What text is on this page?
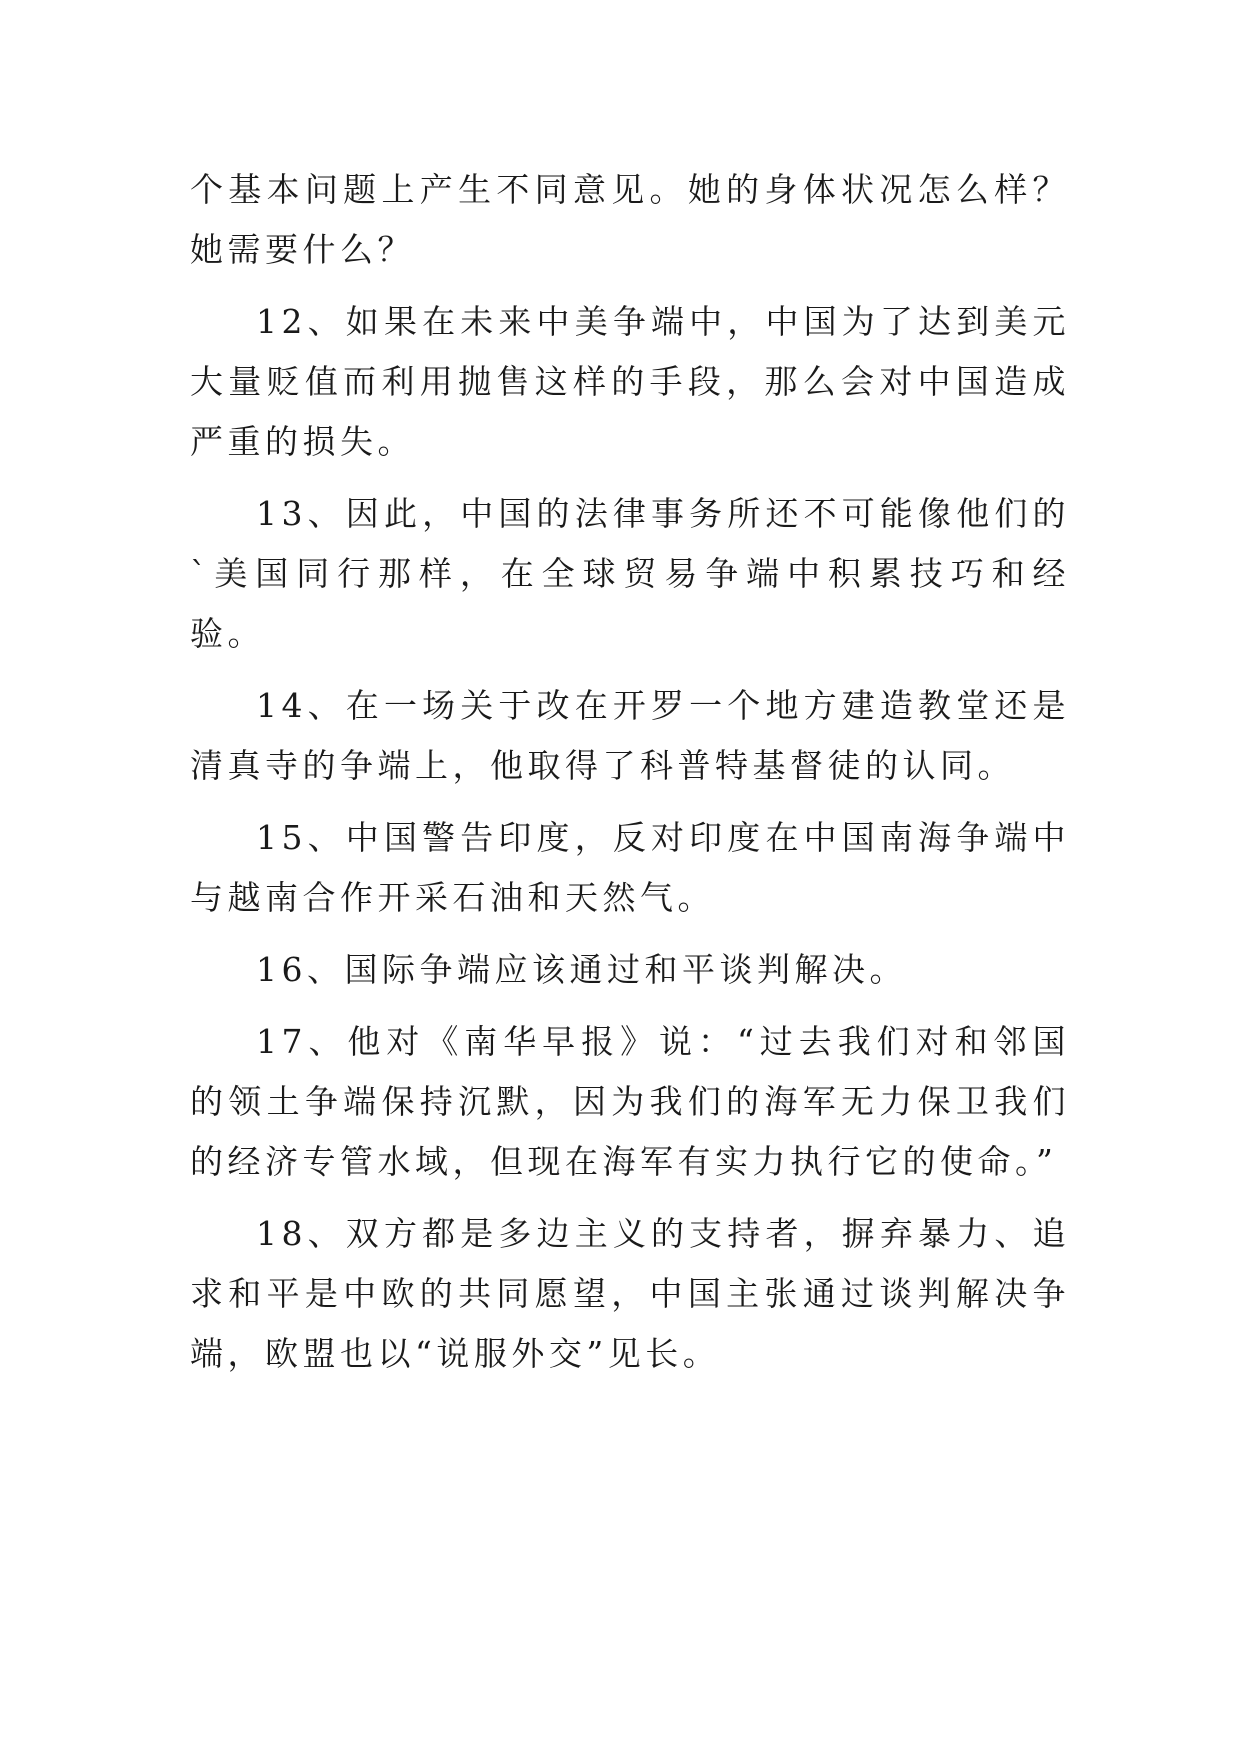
个基本问题上产生不同意见。她的身体状况怎么样？她需要什么？

12、如果在未来中美争端中，中国为了达到美元大量贬值而利用抛售这样的手段，那么会对中国造成严重的损失。

13、因此，中国的法律事务所还不可能像他们的`美国同行那样，在全球贸易争端中积累技巧和经验。

14、在一场关于改在开罗一个地方建造教堂还是清真寺的争端上，他取得了科普特基督徒的认同。

15、中国警告印度，反对印度在中国南海争端中与越南合作开采石油和天然气。

16、国际争端应该通过和平谈判解决。

17、他对《南华早报》说：“过去我们对和邻国的领土争端保持沉默，因为我们的海军无力保卫我们的经济专管水域，但现在海军有实力执行它的使命。”

18、双方都是多边主义的支持者，摒弃暴力、追求和平是中欧的共同愿望，中国主张通过谈判解决争端，欧盟也以“说服外交”见长。
